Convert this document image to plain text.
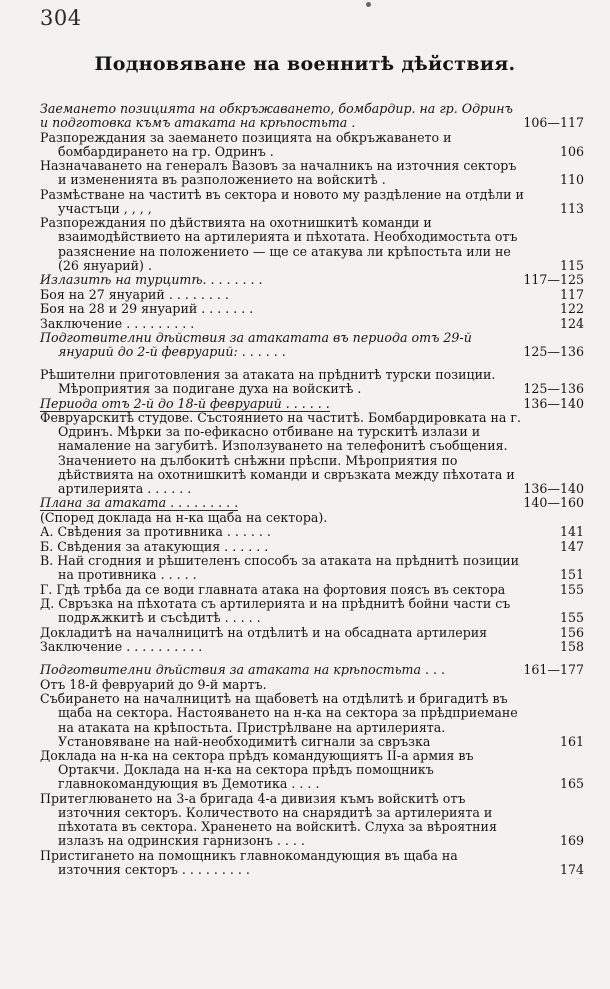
304
Подновяване на военнитѣ дѣйствия.
Заемането позицията на обкръжаването, бомбардир. на гр. Одринъ и подготовка къмъ атаката на крѣпостьта .	106—117
Разпореждания за заемането позицията на обкръжаването и бомбардирането на гр. Одринъ .	106
Назначаването на генералъ Вазовъ за началникъ на източния секторъ и измененията въ разположението на войскитѣ .	110
Размѣстване на частитѣ въ сектора и новото му раздѣление на отдѣли и участъци , , , ,	113
Разпореждания по дѣйствията на охотнишкитѣ команди и взаимодѣйствието на артилерията и пѣхотата. Необходимостьта отъ разяснение на положението — ще се атакува ли крѣпостьта или не (26 януарий) .	115
Излазитѣ на турцитѣ. . . . . . . .	117—125
Боя на 27 януарий . . . . . . . .	117
Боя на 28 и 29 януарий . . . . . . .	122
Заключение . . . . . . . . .	124
Подготвителни дѣйствия за атакатата въ периода отъ 29-й януарий до 2-й февруарий: . . . . . .	125—136
Рѣшителни приготовления за атаката на прѣднитѣ турски позиции. Мѣроприятия за подигане духа на войскитѣ .	125—136
Периода отъ 2-й до 18-й февруарий . . . . . .	136—140
Февруарскитѣ студове. Състоянието на частитѣ. Бомбардировката на г. Одринъ. Мѣрки за по-ефикасно отбиване на турскитѣ излази и намаление на загубитѣ. Използуването на телефонитѣ съобщения. Значението на дълбокитѣ снѣжни прѣспи. Мѣроприятия по дѣйствията на охотнишкитѣ команди и свръзката между пѣхотата и артилерията . . . . . .	136—140
Плана за атаката . . . . . . . . .	140—160
(Според доклада на н-ка щаба на сектора).
А. Свѣдения за противника . . . . . .	141
Б. Свѣдения за атакующия . . . . . .	147
В. Най сгодния и рѣшителенъ способъ за атаката на прѣднитѣ позиции на противника . . . . .	151
Г. Гдѣ трѣба да се води главната атака на фортовия поясъ въ сектора	155
Д. Свръзка на пѣхотата съ артилерията и на прѣднитѣ бойни части съ подрѫжкитѣ и съсѣдитѣ . . . . .	155
Докладитѣ на началницитѣ на отдѣлитѣ и на обсадната артилерия	156
Заключение . . . . . . . . . .	158
Подготвителни дѣйствия за атаката на крѣпостьта . . .	161—177
Отъ 18-й февруарий до 9-й мартъ.
Събирането на началницитѣ на щабоветѣ на отдѣлитѣ и бригадитѣ въ щаба на сектора. Настояването на н-ка на сектора за прѣдприемане на атаката на крѣпостьта. Пристрѣлване на артилерията. Установяване на най-необходимитѣ сигнали за свръзка	161
Доклада на н-ка на сектора прѣдъ командующиятъ II-а армия въ Ортакчи. Доклада на н-ка на сектора прѣдъ помощникъ главнокомандующия въ Демотика . . . .	165
Притеглюването на 3-а бригада 4-а дивизия къмъ войскитѣ отъ източния секторъ. Количеството на снарядитѣ за артилерията и пѣхотата въ сектора. Храненето на войскитѣ. Слуха за вѣроятния излазъ на одринския гарнизонъ . . . .	169
Пристигането на помощникъ главнокомандующия въ щаба на източния секторъ . . . . . . . . .	174
